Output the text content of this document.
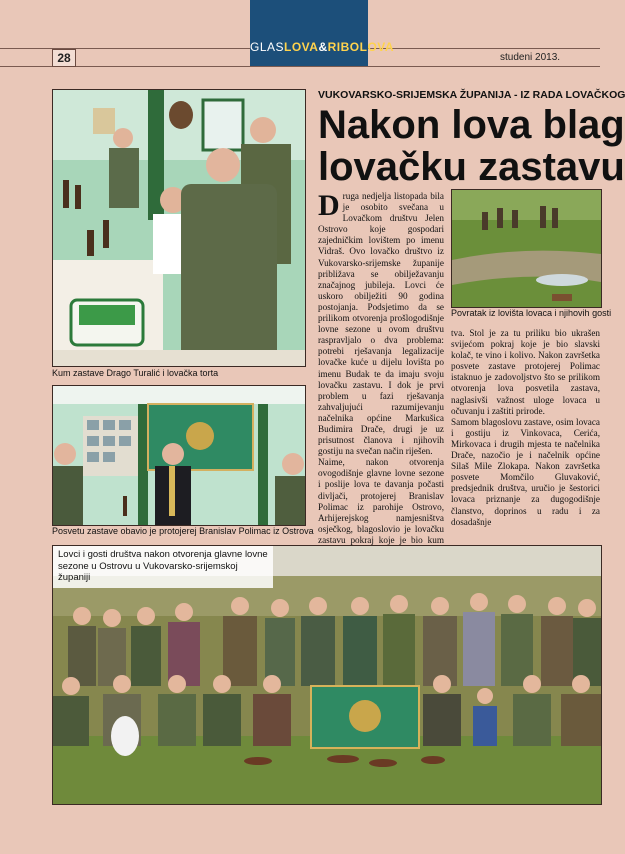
28	studeni 2013.
GLASLOVA&RIBOLOVA
VUKOVARSKO-SRIJEMSKA ŽUPANIJA - IZ RADA LOVAČKOG
Nakon lova blag
lovačku zastavu
Kum zastave Drago Turalić i lovačka torta
Posvetu zastave obavio je protojerej Branislav Polimac iz Ostrova
Povratak iz lovišta lovaca i njihovih gosti

Druga nedjelja listopada bila je osobito svečana u Lovačkom društvu Jelen Ostrovo koje gospodari zajedničkim lovištem po imenu Vidraš. Ovo lovačko društvo iz Vukovarsko-srijemske županije približava se obilježavanju značajnog jubileja. Lovci će uskoro obilježiti 90 godina postojanja. Podsjetimo da se prilikom otvorenja prošlogodišnje lovne sezone u ovom društvu raspravljalo o dva problema: potrebi rješavanja legalizacije lovačke kuće u dijelu lovišta po imenu Budak te da imaju svoju lovačku zastavu. I dok je prvi problem u fazi rješavanja zahvaljujući razumijevanju načelnika općine Markušica Budimira Drače, drugi je uz prisutnost članova i njihovih gostiju na svečan način riješen.

Naime, nakon otvorenja ovogodišnje glavne lovne sezone i poslije lova te davanja počasti divljači, protojerej Branislav Polimac iz parohije Ostrovo, Arhijerejskog namjesništva osječkog, blagoslovio je lovačku zastavu pokraj koje je bio kum

tva. Stol je za tu priliku bio ukrašen svijećom pokraj koje je bio slavski kolač, te vino i kolivo. Nakon završetka posvete zastave protojerej Polimac istaknuo je zadovoljstvo što se prilikom otvorenja lova posvetila zastava, naglasivši važnost uloge lovaca u očuvanju i zaštiti prirode.

Samom blagoslovu zastave, osim lovaca i gostiju iz Vinkovaca, Cerića, Mirkovaca i drugih mjesta te načelnika Drače, nazočio je i načelnik općine Silaš Mile Zlokapa. Nakon završetka posvete Momčilo Gluvaković, predsjednik društva, uručio je šestorici lovaca priznanje za dugogodišnje članstvo, doprinos u radu i za dosadašnje

Lovci i gosti društva nakon otvorenja glavne lovne sezone u Ostrovu u Vukovarsko-srijemskoj županiji
